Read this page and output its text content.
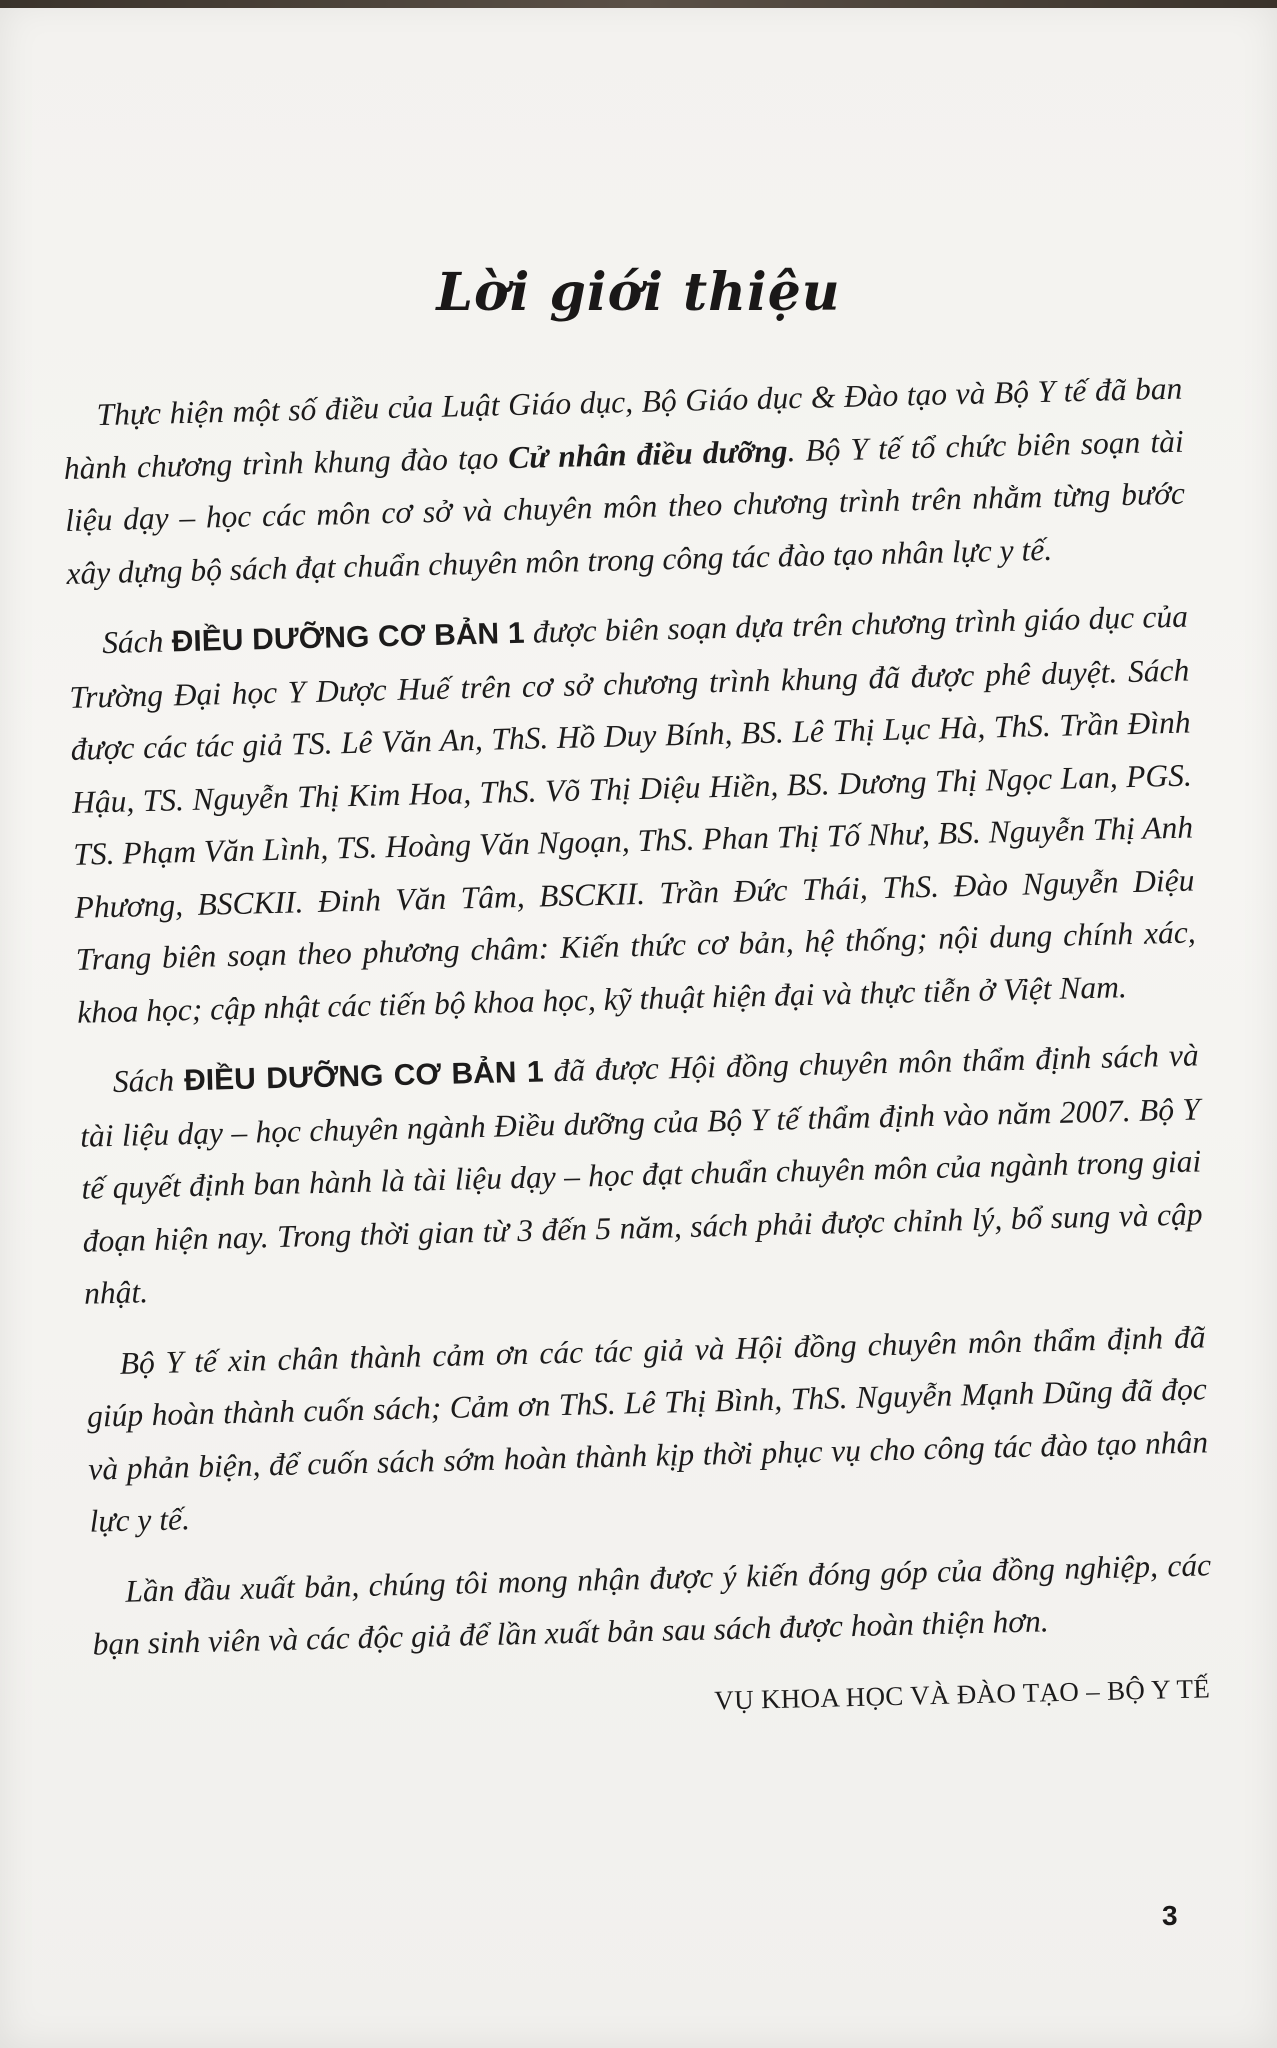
Lời giới thiệu

Thực hiện một số điều của Luật Giáo dục, Bộ Giáo dục & Đào tạo và Bộ Y tế đã ban hành chương trình khung đào tạo Cử nhân điều dưỡng. Bộ Y tế tổ chức biên soạn tài liệu dạy – học các môn cơ sở và chuyên môn theo chương trình trên nhằm từng bước xây dựng bộ sách đạt chuẩn chuyên môn trong công tác đào tạo nhân lực y tế.

Sách ĐIỀU DƯỠNG CƠ BẢN 1 được biên soạn dựa trên chương trình giáo dục của Trường Đại học Y Dược Huế trên cơ sở chương trình khung đã được phê duyệt. Sách được các tác giả TS. Lê Văn An, ThS. Hồ Duy Bính, BS. Lê Thị Lục Hà, ThS. Trần Đình Hậu, TS. Nguyễn Thị Kim Hoa, ThS. Võ Thị Diệu Hiền, BS. Dương Thị Ngọc Lan, PGS. TS. Phạm Văn Lình, TS. Hoàng Văn Ngoạn, ThS. Phan Thị Tố Như, BS. Nguyễn Thị Anh Phương, BSCKII. Đinh Văn Tâm, BSCKII. Trần Đức Thái, ThS. Đào Nguyễn Diệu Trang biên soạn theo phương châm: Kiến thức cơ bản, hệ thống; nội dung chính xác, khoa học; cập nhật các tiến bộ khoa học, kỹ thuật hiện đại và thực tiễn ở Việt Nam.

Sách ĐIỀU DƯỠNG CƠ BẢN 1 đã được Hội đồng chuyên môn thẩm định sách và tài liệu dạy – học chuyên ngành Điều dưỡng của Bộ Y tế thẩm định vào năm 2007. Bộ Y tế quyết định ban hành là tài liệu dạy – học đạt chuẩn chuyên môn của ngành trong giai đoạn hiện nay. Trong thời gian từ 3 đến 5 năm, sách phải được chỉnh lý, bổ sung và cập nhật.

Bộ Y tế xin chân thành cảm ơn các tác giả và Hội đồng chuyên môn thẩm định đã giúp hoàn thành cuốn sách; Cảm ơn ThS. Lê Thị Bình, ThS. Nguyễn Mạnh Dũng đã đọc và phản biện, để cuốn sách sớm hoàn thành kịp thời phục vụ cho công tác đào tạo nhân lực y tế.

Lần đầu xuất bản, chúng tôi mong nhận được ý kiến đóng góp của đồng nghiệp, các bạn sinh viên và các độc giả để lần xuất bản sau sách được hoàn thiện hơn.

VỤ KHOA HỌC VÀ ĐÀO TẠO – BỘ Y TẾ
3
